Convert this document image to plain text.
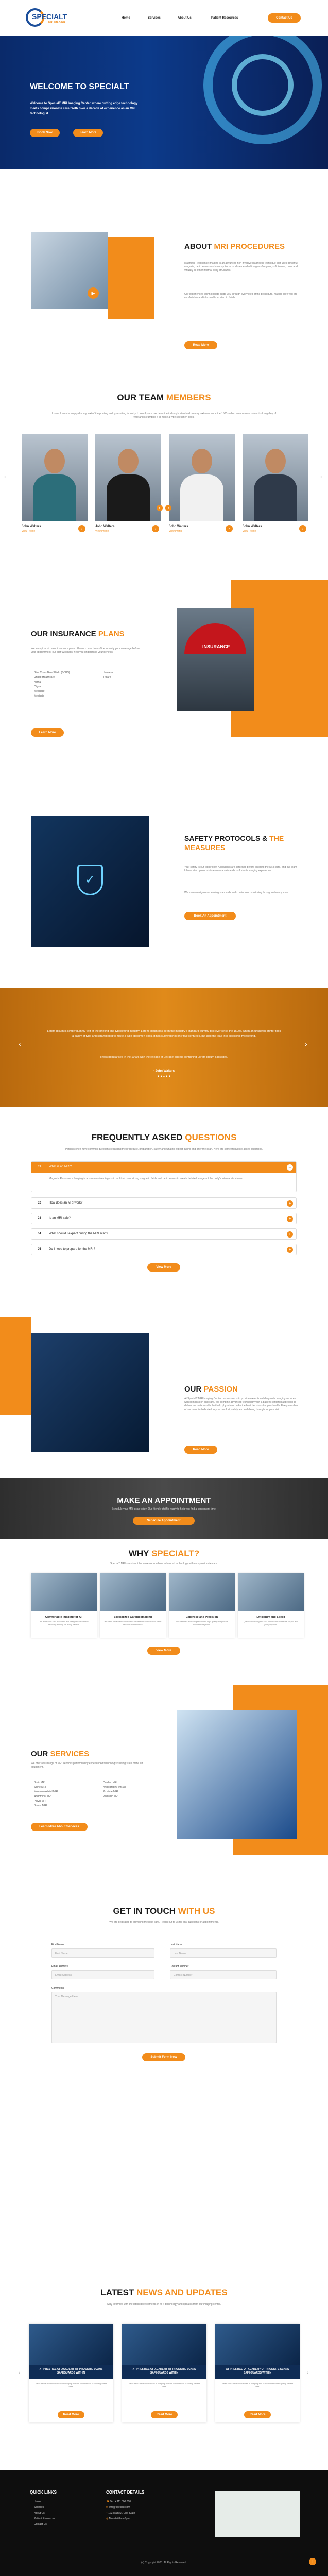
SPECIALT
MRI IMAGING
Home	Services	About Us	Patient Resources	Contact Us
WELCOME TO SPECIALT
Welcome to SpecialT MRI Imaging Center, where cutting edge technology meets compassionate care! With over a decade of experience as an MRI technologist
Book Now	Learn More
▶
ABOUT MRI PROCEDURES
Magnetic Resonance Imaging is an advanced non-invasive diagnostic technique that uses powerful magnets, radio waves and a computer to produce detailed images of organs, soft tissues, bone and virtually all other internal body structures.
Our experienced technologists guide you through every step of the procedure, making sure you are comfortable and informed from start to finish.
Read More
OUR TEAM MEMBERS
Lorem Ipsum is simply dummy text of the printing and typesetting industry. Lorem Ipsum has been the industry's standard dummy text ever since the 1500s when an unknown printer took a galley of type and scrambled it to make a type specimen book.
‹	›
John Walters
View Profile
›	John Walters
View Profile
›	John Walters
View Profile
›	John Walters
View Profile
›
‹	›
INSURANCE
OUR INSURANCE PLANS
We accept most major insurance plans. Please contact our office to verify your coverage before your appointment, our staff will gladly help you understand your benefits.
Blue Cross Blue Shield (BCBS)
United Healthcare
Aetna
Cigna
Medicare
Medicaid
Humana
Tricare
Learn More
✓
SAFETY PROTOCOLS & THE MEASURES
Your safety is our top priority. All patients are screened before entering the MRI suite, and our team follows strict protocols to ensure a safe and comfortable imaging experience.
We maintain rigorous cleaning standards and continuous monitoring throughout every scan.
Book An Appointment
‹	›
Lorem Ipsum is simply dummy text of the printing and typesetting industry. Lorem Ipsum has been the industry's standard dummy text ever since the 1500s, when an unknown printer took a galley of type and scrambled it to make a type specimen book. It has survived not only five centuries, but also the leap into electronic typesetting.
It was popularised in the 1960s with the release of Letraset sheets containing Lorem Ipsum passages.
- John Walters
★★★★★
FREQUENTLY ASKED QUESTIONS
Patients often have common questions regarding the procedure, preparation, safety and what to expect during and after the scan. Here are some frequently asked questions.
01	What is an MRI?	−
Magnetic Resonance Imaging is a non-invasive diagnostic tool that uses strong magnetic fields and radio waves to create detailed images of the body's internal structures.
02	How does an MRI work?	+
03	Is an MRI safe?	+
04	What should I expect during the MRI scan?	+
05	Do I need to prepare for the MRI?	+
View More
OUR PASSION
At SpecialT MRI Imaging Center our mission is to provide exceptional diagnostic imaging services with compassion and care. We combine advanced technology with a patient-centered approach to deliver accurate results that help physicians make the best decisions for your health. Every member of our team is dedicated to your comfort, safety and well-being throughout your visit.
Read More
MAKE AN APPOINTMENT
Schedule your MRI scan today. Our friendly staff is ready to help you find a convenient time.
Schedule Appointment
WHY SPECIALT?
SpecialT MRI stands out because we combine advanced technology with compassionate care.
Comfortable Imaging for All
Our wide-bore MRI machines are designed for comfort, reducing anxiety for every patient.
Specialized Cardiac Imaging
We offer advanced cardiac MRI for detailed evaluation of heart function and structure.
Expertise and Precision
Our certified technologists deliver high quality images for accurate diagnosis.
Efficiency and Speed
Quick scheduling and fast turnaround on results for you and your physician.
View More
OUR SERVICES
We offer a full range of MRI services performed by experienced technologists using state of the art equipment.
Brain MRI
Spine MRI
Musculoskeletal MRI
Abdominal MRI
Pelvic MRI
Breast MRI
Cardiac MRI
Angiography (MRA)
Prostate MRI
Pediatric MRI
Learn More About Services
GET IN TOUCH WITH US
We are dedicated to providing the best care. Reach out to us for any questions or appointments.
First Name
First Name
Last Name
Last Name
Email Address
Email Address
Contact Number
Contact Number
Comments
Your Message Here
Submit Form Now
LATEST NEWS AND UPDATES
Stay informed with the latest developments in MRI technology and updates from our imaging center.
‹	›
AT PRESTIGE OF ACADEMY OF PROSTATE SCANS SAFEGUARDS WITHIN
Read about recent advances in imaging and our commitment to quality patient care.
Read More
AT PRESTIGE OF ACADEMY OF PROSTATE SCANS SAFEGUARDS WITHIN
Read about recent advances in imaging and our commitment to quality patient care.
Read More
AT PRESTIGE OF ACADEMY OF PROSTATE SCANS SAFEGUARDS WITHIN
Read about recent advances in imaging and our commitment to quality patient care.
Read More
QUICK LINKS
Home
Services
About Us
Patient Resources
Contact Us
CONTACT DETAILS
☎ Tel: + 111 000 000
✉ info@specialt.com
⌖ 123 Main St, City, State
◷ Mon-Fri 8am-6pm
(c) Copyright 2023. All Rights Reserved.	↑
